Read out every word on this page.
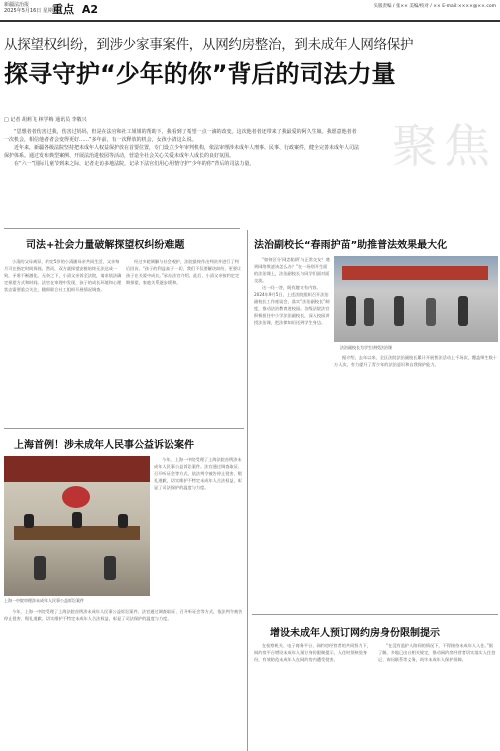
新疆法治报
2025年5月16日 星期五
重点 A2	头版责编 / 张×× 美编/校对 / ×× E-mail:××××@××.com
从探望权纠纷，到涉少家事案件，从网约房整治，到未成年人网络保护
探寻守护“少年的你”背后的司法力量
聚焦
□ 记者 胡莉飞 林学梅 通讯员 李敬兴

“思想者者伤害过我，伤害过妈妈，但是在法官和社工姐姐的帮助下，我看到了希望一点一滴的改变。这次他者者还带来了我最爱的阿久生娘。我愿意他者者一次机会，相信他者者会变得更好……”多年前，有一次释放的机会，女孩小清这么说。

近年来，新疆各级法院坚持把未成年人权益保护放在首要位置，专门设立少年审判机构，依法审理涉未成年人刑事、民事、行政案件，健全完善未成年人司法保护体系。通过发布典型案例、开展法治进校园等活动，营造全社会关心关爱未成年人成长的良好氛围。

在“六一”国际儿童节到来之际，记者走访多地法院，记录下法官们用心用情守护“少年的你”背后的司法力量。

司法+社会力量破解探望权纠纷难题

小清的父母离异，约定5岁的小清随母亲共同生活，父亲每月可在指定时间探视。然而，双方就探望安排始终无法达成一致，矛盾不断激化。无奈之下，小清父亲诉至法院，请求依法确定探望方式和时间。法官在审理中发现，孩子的成长环境和心理状态需要重点关注，随即联合社工组织开展情况调查。

经过多轮调解与社会观护，法院最终作出判决并进行了判后回访。“孩子的利益高于一切，我们不仅要解决纠纷，更要让孩子在关爱中成长。”承办法官介绍。此后，小清父亲按约定定期探望，家庭关系逐步缓和。

法治副校长“春雨护苗”助推普法效果最大化

“如何区分‘网恋陷阱’与正常交友？遇到网络欺凌该怎么办？”在一场别开生面的法治课上，法治副校长与同学们面对面交流。

这一问一答，既有趣又有内容。2024年9月5日，上述法院组织召开法治副校长工作座谈会，落实“法治副校长”制度，推动法治教育进校园。各级法院法官积极担任中小学法治副校长，深入校园讲授法治课，把法律知识送到学生身边。

法治副校长为学生讲授法治课

据介绍，去年以来，全区法院法治副校长累计开展普法活动上千场次，覆盖师生数十万人次，有力提升了青少年的法治意识和自我保护能力。

上海首例！涉未成年人民事公益诉讼案件
上海一中院审理涉未成年人民事公益诉讼案件

今年，上海一中院受理了上海法院首例涉未成年人民事公益诉讼案件。法官通过调查取证、召开听证会等方式，依法判令被告停止侵害、赔礼道歉，切实维护不特定未成年人合法权益，彰显了司法保护的温度与力度。

今年，上海一中院受理了上海法院首例涉未成年人民事公益诉讼案件。法官通过调查取证、召开听证会等方式，依法判令被告停止侵害、赔礼道歉，切实维护不特定未成年人合法权益，彰显了司法保护的温度与力度。

增设未成年人预订网约房身份限制提示

在检察机关、电子商务平台、网约房经营者的共同努力下，网约房平台增设未成年人预订身份限制提示，入住时须核验身份，有效防范未成年人在网约房内遭受侵害。

“在没有监护人陪同的情况下，不得接待未成年人入住。”据了解，多地已出台相关规定，推动网约房经营者切实落实入住登记、询问联系等义务，筑牢未成年人保护屏障。
